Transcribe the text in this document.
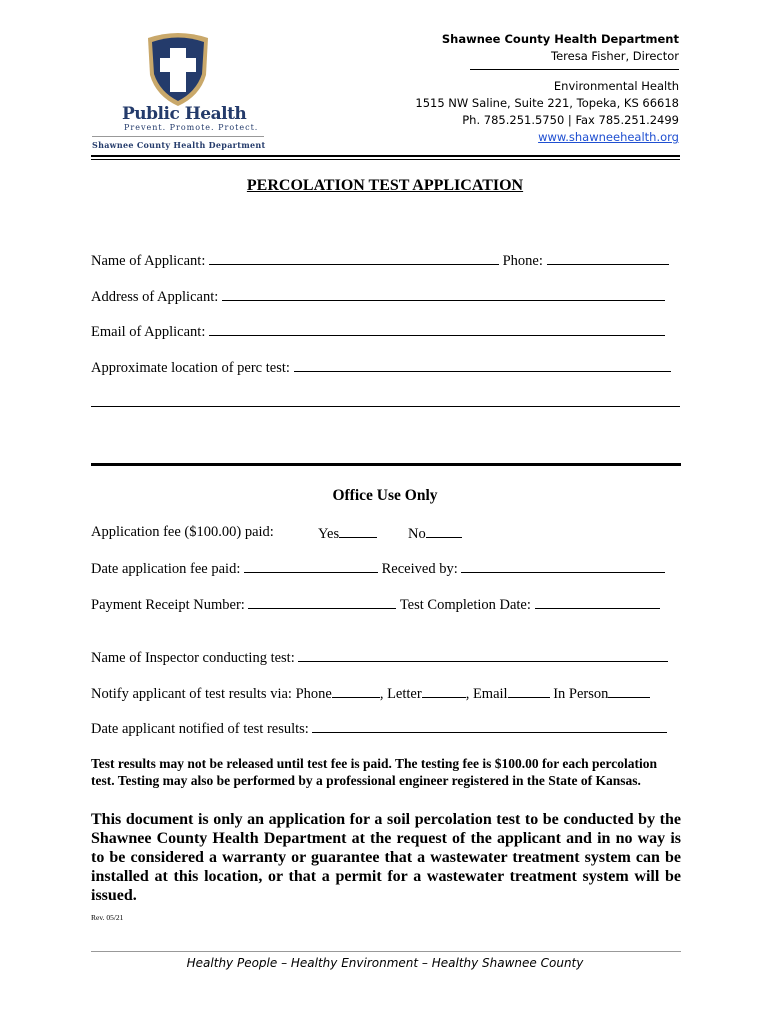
Public Health
Prevent. Promote. Protect.
Shawnee County Health Department
Shawnee County Health Department
Teresa Fisher, Director
Environmental Health
1515 NW Saline, Suite 221, Topeka, KS 66618
Ph. 785.251.5750 | Fax 785.251.2499
www.shawneehealth.org
PERCOLATION TEST APPLICATION
Name of Applicant:	Phone:
Address of Applicant:
Email of Applicant:
Approximate location of perc test:
Office Use Only
Application fee ($100.00) paid:	Yes	No
Date application fee paid:	Received by:
Payment Receipt Number:	Test Completion Date:
Name of Inspector conducting test:
Notify applicant of test results via: Phone	, Letter	, Email	In Person
Date applicant notified of test results:
Test results may not be released until test fee is paid. The testing fee is $100.00 for each percolation test. Testing may also be performed by a professional engineer registered in the State of Kansas.
This document is only an application for a soil percolation test to be conducted by the Shawnee County Health Department at the request of the applicant and in no way is to be considered a warranty or guarantee that a wastewater treatment system can be installed at this location, or that a permit for a wastewater treatment system will be issued.
Rev. 05/21
Healthy People – Healthy Environment – Healthy Shawnee County
